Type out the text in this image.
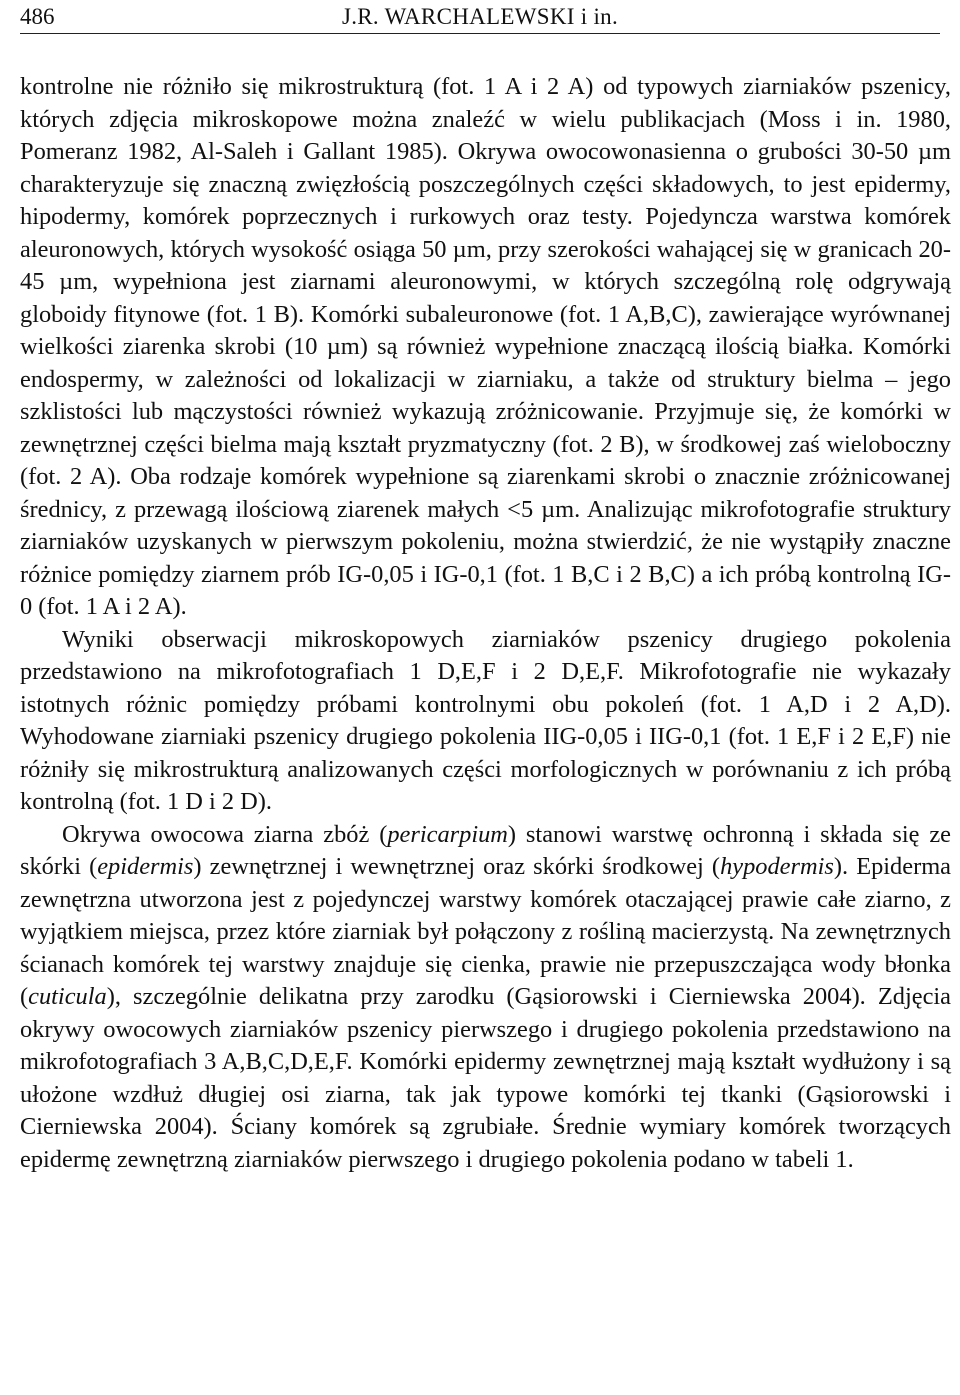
486	J.R. WARCHALEWSKI i in.

kontrolne nie różniło się mikrostrukturą (fot. 1 A i 2 A) od typowych ziarniaków pszenicy, których zdjęcia mikroskopowe można znaleźć w wielu publikacjach (Moss i in. 1980, Pomeranz 1982, Al-Saleh i Gallant 1985). Okrywa owocowonasienna o grubości 30-50 µm charakteryzuje się znaczną zwięzłością poszczególnych części składowych, to jest epidermy, hipodermy, komórek poprzecznych i rurkowych oraz testy. Pojedyncza warstwa komórek aleuronowych, których wysokość osiąga 50 µm, przy szerokości wahającej się w granicach 20-45 µm, wypełniona jest ziarnami aleuronowymi, w których szczególną rolę odgrywają globoidy fitynowe (fot. 1 B). Komórki subaleuronowe (fot. 1 A,B,C), zawierające wyrównanej wielkości ziarenka skrobi (10 µm) są również wypełnione znaczącą ilością białka. Komórki endospermy, w zależności od lokalizacji w ziarniaku, a także od struktury bielma – jego szklistości lub mączystości również wykazują zróżnicowanie. Przyjmuje się, że komórki w zewnętrznej części bielma mają kształt pryzmatyczny (fot. 2 B), w środkowej zaś wieloboczny (fot. 2 A). Oba rodzaje komórek wypełnione są ziarenkami skrobi o znacznie zróżnicowanej średnicy, z przewagą ilościową ziarenek małych <5 µm. Analizując mikrofotografie struktury ziarniaków uzyskanych w pierwszym pokoleniu, można stwierdzić, że nie wystąpiły znaczne różnice pomiędzy ziarnem prób IG-0,05 i IG-0,1 (fot. 1 B,C i 2 B,C) a ich próbą kontrolną IG-0 (fot. 1 A i 2 A).

Wyniki obserwacji mikroskopowych ziarniaków pszenicy drugiego pokolenia przedstawiono na mikrofotografiach 1 D,E,F i 2 D,E,F. Mikrofotografie nie wykazały istotnych różnic pomiędzy próbami kontrolnymi obu pokoleń (fot. 1 A,D i 2 A,D). Wyhodowane ziarniaki pszenicy drugiego pokolenia IIG-0,05 i IIG-0,1 (fot. 1 E,F i 2 E,F) nie różniły się mikrostrukturą analizowanych części morfologicznych w porównaniu z ich próbą kontrolną (fot. 1 D i 2 D).

Okrywa owocowa ziarna zbóż (pericarpium) stanowi warstwę ochronną i składa się ze skórki (epidermis) zewnętrznej i wewnętrznej oraz skórki środkowej (hypodermis). Epiderma zewnętrzna utworzona jest z pojedynczej warstwy komórek otaczającej prawie całe ziarno, z wyjątkiem miejsca, przez które ziarniak był połączony z rośliną macierzystą. Na zewnętrznych ścianach komórek tej warstwy znajduje się cienka, prawie nie przepuszczająca wody błonka (cuticula), szczególnie delikatna przy zarodku (Gąsiorowski i Cierniewska 2004). Zdjęcia okrywy owocowych ziarniaków pszenicy pierwszego i drugiego pokolenia przedstawiono na mikrofotografiach 3 A,B,C,D,E,F. Komórki epidermy zewnętrznej mają kształt wydłużony i są ułożone wzdłuż długiej osi ziarna, tak jak typowe komórki tej tkanki (Gąsiorowski i Cierniewska 2004). Ściany komórek są zgrubiałe. Średnie wymiary komórek tworzących epidermę zewnętrzną ziarniaków pierwszego i drugiego pokolenia podano w tabeli 1.
